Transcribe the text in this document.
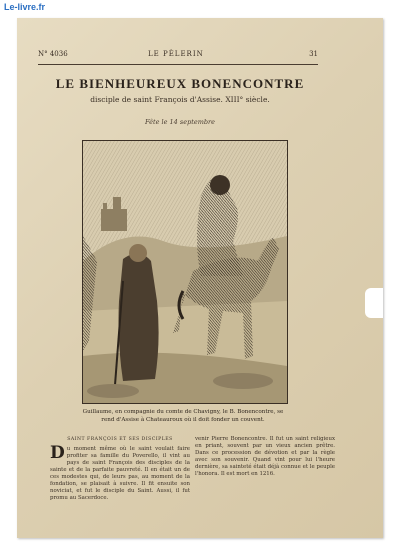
Le-livre.fr
N° 4036	LE PÈLERIN	31
LE BIENHEUREUX BONENCONTRE
disciple de saint François d'Assise. XIII° siècle.
Fête le 14 septembre
Guillaume, en compagnie du comte de Chavigny, le B. Bonencontre, se rend d'Assise à Chateauroux où il doit fonder un couvent.
SAINT FRANÇOIS ET SES DISCIPLES
D u moment même où le saint voulait faire profiter sa famille du Poverello, il vint au pays de saint François des disciples de la sainte et de la parfaite pauvreté. Il en était un de ces modestes qui, de leurs pas, au moment de la fondation, se plaisait à suivre. Il fit ensuite son noviciat, et fut le disciple du Saint. Aussi, il fut promu au Sacerdoce.
venir Pierre Bonencontre. Il fut un saint religieux en priant, souvent par un vieux ancien prêtre. Dans ce procession de dévotion et par la règle avec son souvenir. Quand vint pour lui l'heure dernière, sa sainteté était déjà connue et le peuple l'honora. Il est mort en 1216.
